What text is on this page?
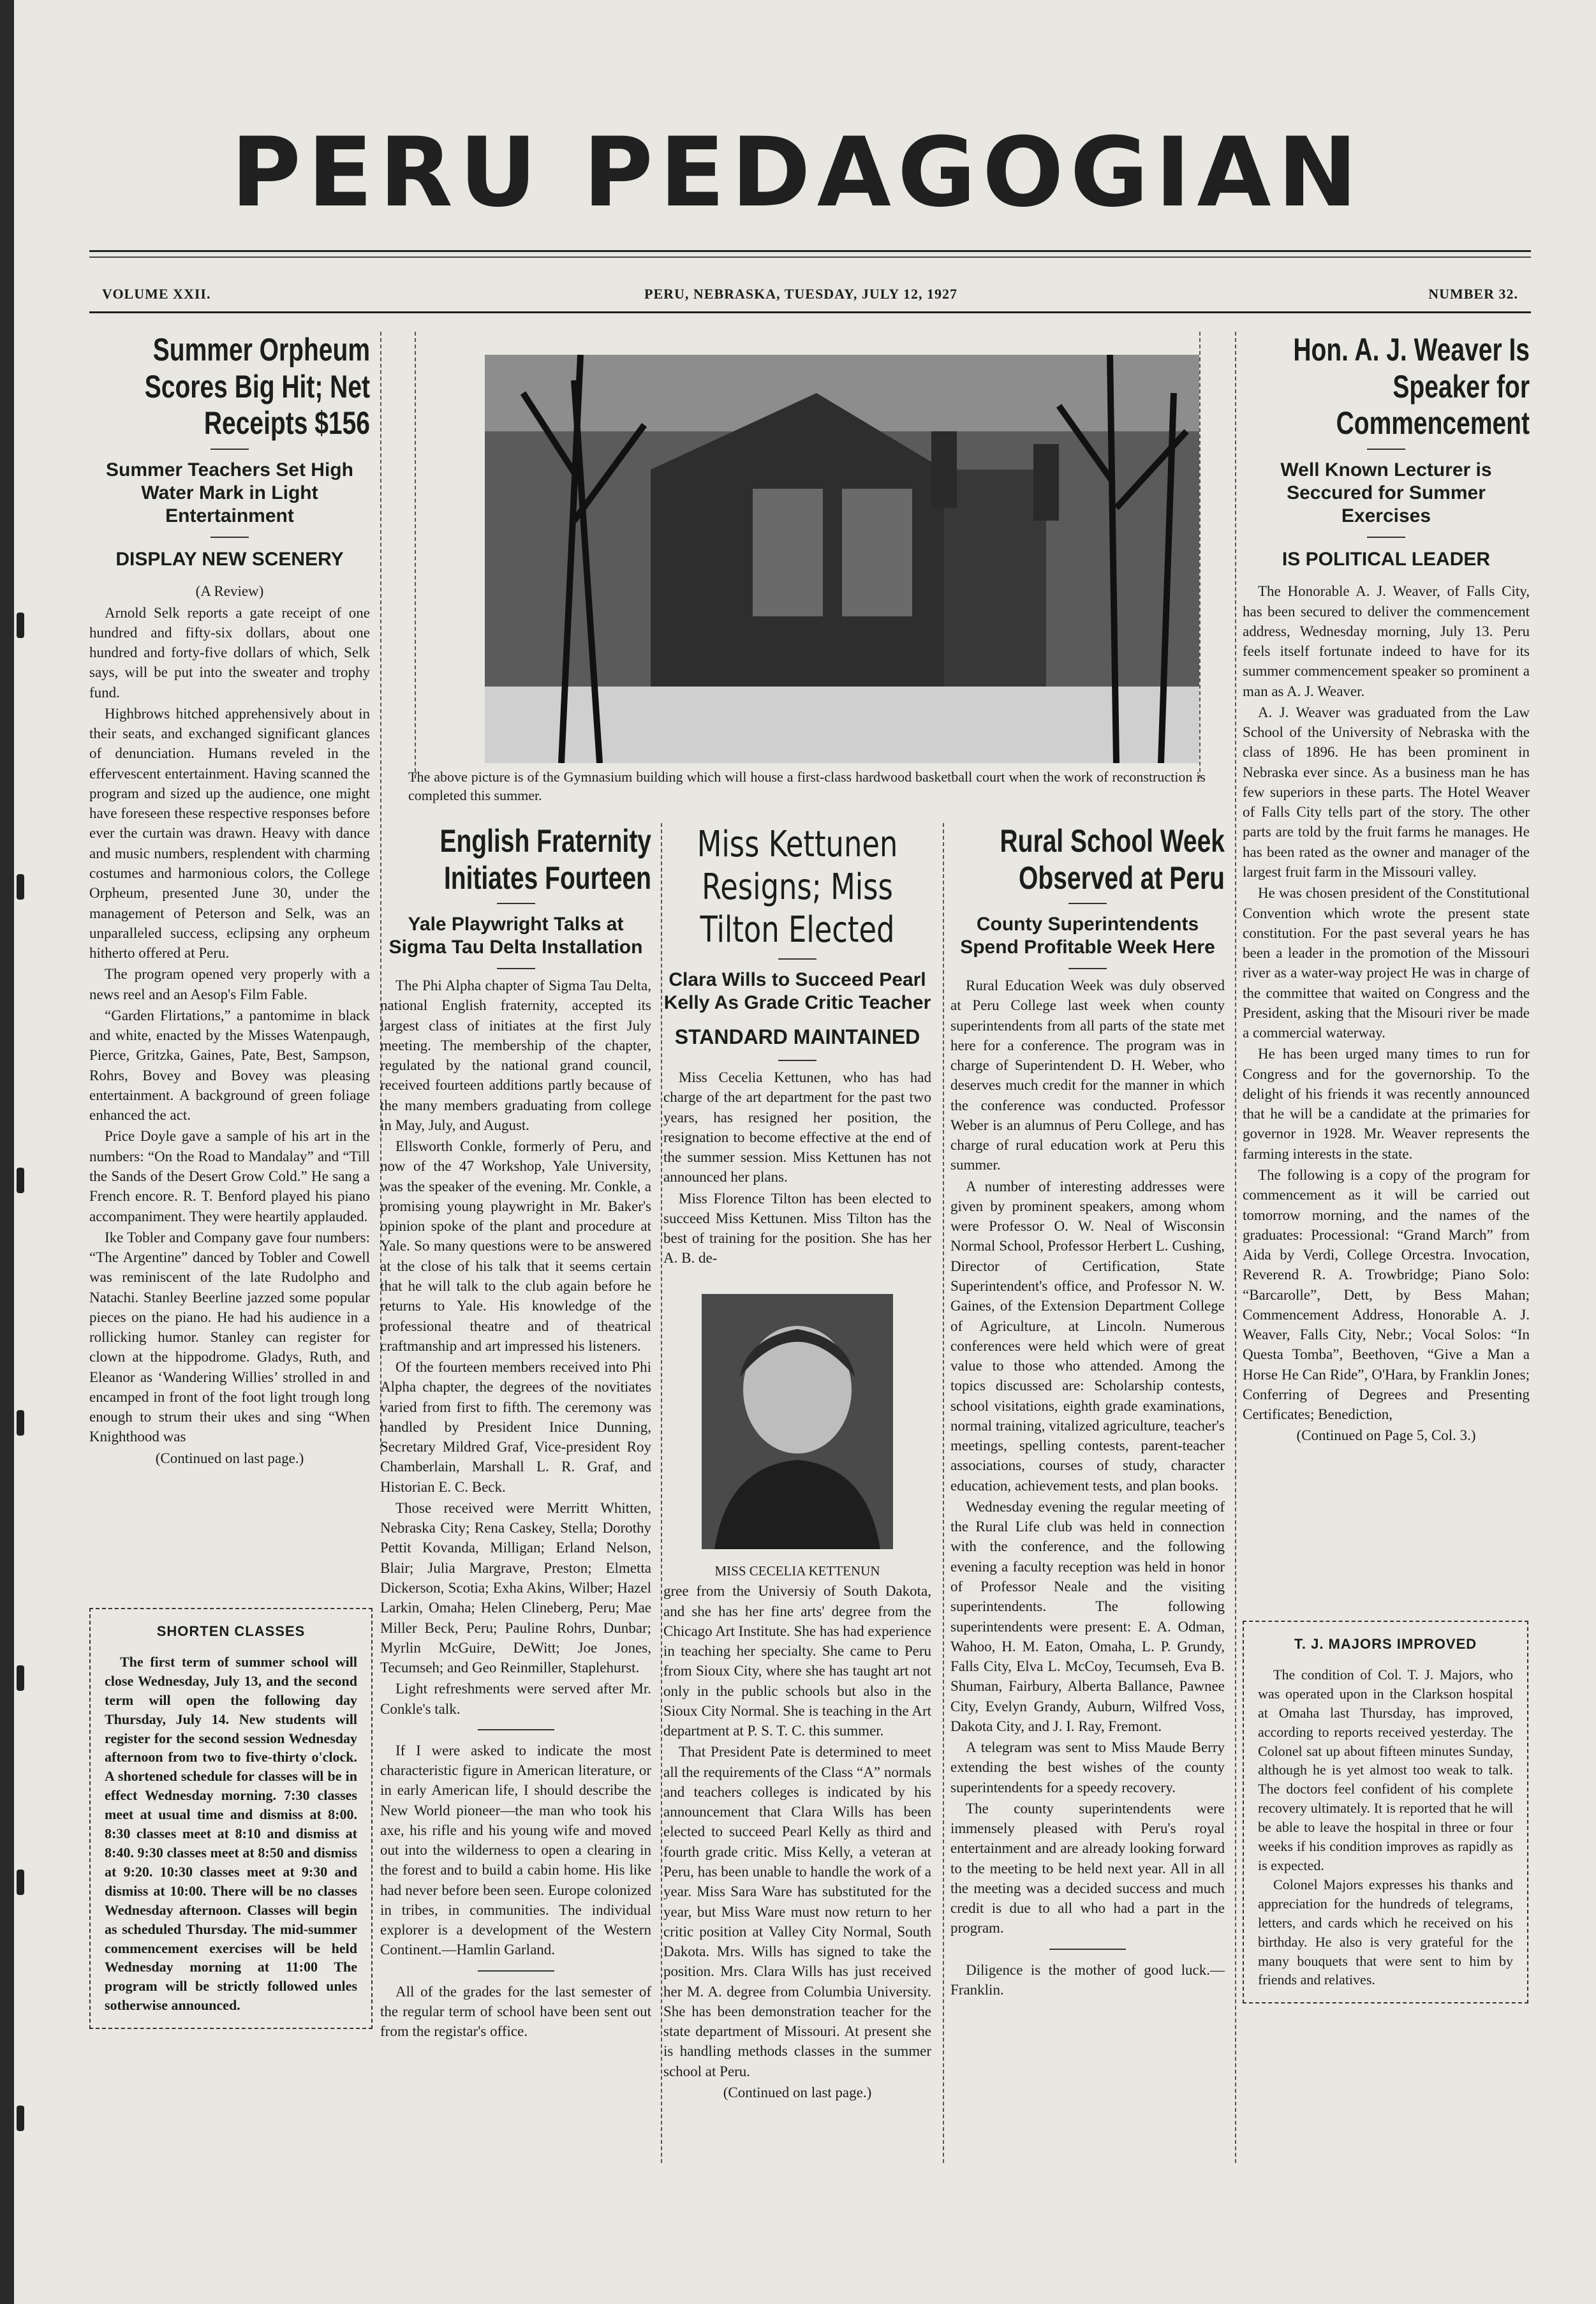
PERU PEDAGOGIAN
VOLUME XXII.	PERU, NEBRASKA, TUESDAY, JULY 12, 1927	NUMBER 32.
Summer Orpheum Scores Big Hit; Net Receipts $156
Summer Teachers Set High Water Mark in Light Entertainment
DISPLAY NEW SCENERY

(A Review)

Arnold Selk reports a gate receipt of one hundred and fifty-six dollars, about one hundred and forty-five dollars of which, Selk says, will be put into the sweater and trophy fund.

Highbrows hitched apprehensively about in their seats, and exchanged significant glances of denunciation. Humans reveled in the effervescent entertainment. Having scanned the program and sized up the audience, one might have foreseen these respective responses before ever the curtain was drawn. Heavy with dance and music numbers, resplendent with charming costumes and harmonious colors, the College Orpheum, presented June 30, under the management of Peterson and Selk, was an unparalleled success, eclipsing any orpheum hitherto offered at Peru.

The program opened very properly with a news reel and an Aesop's Film Fable.

“Garden Flirtations,” a pantomime in black and white, enacted by the Misses Watenpaugh, Pierce, Gritzka, Gaines, Pate, Best, Sampson, Rohrs, Bovey and Bovey was pleasing entertainment. A background of green foliage enhanced the act.

Price Doyle gave a sample of his art in the numbers: “On the Road to Mandalay” and “Till the Sands of the Desert Grow Cold.” He sang a French encore. R. T. Benford played his piano accompaniment. They were heartily applauded.

Ike Tobler and Company gave four numbers: “The Argentine” danced by Tobler and Cowell was reminiscent of the late Rudolpho and Natachi. Stanley Beerline jazzed some popular pieces on the piano. He had his audience in a rollicking humor. Stanley can register for clown at the hippodrome. Gladys, Ruth, and Eleanor as ‘Wandering Willies’ strolled in and encamped in front of the foot light trough long enough to strum their ukes and sing “When Knighthood was

(Continued on last page.)

SHORTEN CLASSES
The first term of summer school will close Wednesday, July 13, and the second term will open the following day Thursday, July 14. New students will register for the second session Wednesday afternoon from two to five-thirty o'clock. A shortened schedule for classes will be in effect Wednesday morning. 7:30 classes meet at usual time and dismiss at 8:00. 8:30 classes meet at 8:10 and dismiss at 8:40. 9:30 classes meet at 8:50 and dismiss at 9:20. 10:30 classes meet at 9:30 and dismiss at 10:00. There will be no classes Wednesday afternoon. Classes will begin as scheduled Thursday. The mid-summer commencement exercises will be held Wednesday morning at 11:00 The program will be strictly followed unles sotherwise announced.
The above picture is of the Gymnasium building which will house a first-class hardwood basketball court when the work of reconstruction is completed this summer.
English Fraternity Initiates Fourteen
Yale Playwright Talks at Sigma Tau Delta Installation

The Phi Alpha chapter of Sigma Tau Delta, national English fraternity, accepted its largest class of initiates at the first July meeting. The membership of the chapter, regulated by the national grand council, received fourteen additions partly because of the many members graduating from college in May, July, and August.

Ellsworth Conkle, formerly of Peru, and now of the 47 Workshop, Yale University, was the speaker of the evening. Mr. Conkle, a promising young playwright in Mr. Baker's opinion spoke of the plant and procedure at Yale. So many questions were to be answered at the close of his talk that it seems certain that he will talk to the club again before he returns to Yale. His knowledge of the professional theatre and of theatrical craftmanship and art impressed his listeners.

Of the fourteen members received into Phi Alpha chapter, the degrees of the novitiates varied from first to fifth. The ceremony was handled by President Inice Dunning, Secretary Mildred Graf, Vice-president Roy Chamberlain, Marshall L. R. Graf, and Historian E. C. Beck.

Those received were Merritt Whitten, Nebraska City; Rena Caskey, Stella; Dorothy Pettit Kovanda, Milligan; Erland Nelson, Blair; Julia Margrave, Preston; Elmetta Dickerson, Scotia; Exha Akins, Wilber; Hazel Larkin, Omaha; Helen Clineberg, Peru; Mae Miller Beck, Peru; Pauline Rohrs, Dunbar; Myrlin McGuire, DeWitt; Joe Jones, Tecumseh; and Geo Reinmiller, Staplehurst.

Light refreshments were served after Mr. Conkle's talk.

If I were asked to indicate the most characteristic figure in American literature, or in early American life, I should describe the New World pioneer—the man who took his axe, his rifle and his young wife and moved out into the wilderness to open a clearing in the forest and to build a cabin home. His like had never before been seen. Europe colonized in tribes, in communities. The individual explorer is a development of the Western Continent.—Hamlin Garland.

All of the grades for the last semester of the regular term of school have been sent out from the registar's office.

Miss Kettunen Resigns; Miss Tilton Elected
Clara Wills to Succeed Pearl Kelly As Grade Critic Teacher
STANDARD MAINTAINED

Miss Cecelia Kettunen, who has had charge of the art department for the past two years, has resigned her position, the resignation to become effective at the end of the summer session. Miss Kettunen has not announced her plans.

Miss Florence Tilton has been elected to succeed Miss Kettunen. Miss Tilton has the best of training for the position. She has her A. B. de-

MISS CECELIA KETTENUN

gree from the Universiy of South Dakota, and she has her fine arts' degree from the Chicago Art Institute. She has had experience in teaching her specialty. She came to Peru from Sioux City, where she has taught art not only in the public schools but also in the Sioux City Normal. She is teaching in the Art department at P. S. T. C. this summer.

That President Pate is determined to meet all the requirements of the Class “A” normals and teachers colleges is indicated by his announcement that Clara Wills has been elected to succeed Pearl Kelly as third and fourth grade critic. Miss Kelly, a veteran at Peru, has been unable to handle the work of a year. Miss Sara Ware has substituted for the year, but Miss Ware must now return to her critic position at Valley City Normal, South Dakota. Mrs. Wills has signed to take the position. Mrs. Clara Wills has just received her M. A. degree from Columbia University. She has been demonstration teacher for the state department of Missouri. At present she is handling methods classes in the summer school at Peru.

(Continued on last page.)

Rural School Week Observed at Peru
County Superintendents Spend Profitable Week Here

Rural Education Week was duly observed at Peru College last week when county superintendents from all parts of the state met here for a conference. The program was in charge of Superintendent D. H. Weber, who deserves much credit for the manner in which the conference was conducted. Professor Weber is an alumnus of Peru College, and has charge of rural education work at Peru this summer.

A number of interesting addresses were given by prominent speakers, among whom were Professor O. W. Neal of Wisconsin Normal School, Professor Herbert L. Cushing, Director of Certification, State Superintendent's office, and Professor N. W. Gaines, of the Extension Department College of Agriculture, at Lincoln. Numerous conferences were held which were of great value to those who attended. Among the topics discussed are: Scholarship contests, school visitations, eighth grade examinations, normal training, vitalized agriculture, teacher's meetings, spelling contests, parent-teacher associations, courses of study, character education, achievement tests, and plan books.

Wednesday evening the regular meeting of the Rural Life club was held in connection with the conference, and the following evening a faculty reception was held in honor of Professor Neale and the visiting superintendents. The following superintendents were present: E. A. Odman, Wahoo, H. M. Eaton, Omaha, L. P. Grundy, Falls City, Elva L. McCoy, Tecumseh, Eva B. Shuman, Fairbury, Alberta Ballance, Pawnee City, Evelyn Grandy, Auburn, Wilfred Voss, Dakota City, and J. I. Ray, Fremont.

A telegram was sent to Miss Maude Berry extending the best wishes of the county superintendents for a speedy recovery.

The county superintendents were immensely pleased with Peru's royal entertainment and are already looking forward to the meeting to be held next year. All in all the meeting was a decided success and much credit is due to all who had a part in the program.

Diligence is the mother of good luck.—Franklin.

Hon. A. J. Weaver Is Speaker for Commencement
Well Known Lecturer is Seccured for Summer Exercises
IS POLITICAL LEADER

The Honorable A. J. Weaver, of Falls City, has been secured to deliver the commencement address, Wednesday morning, July 13. Peru feels itself fortunate indeed to have for its summer commencement speaker so prominent a man as A. J. Weaver.

A. J. Weaver was graduated from the Law School of the University of Nebraska with the class of 1896. He has been prominent in Nebraska ever since. As a business man he has few superiors in these parts. The Hotel Weaver of Falls City tells part of the story. The other parts are told by the fruit farms he manages. He has been rated as the owner and manager of the largest fruit farm in the Missouri valley.

He was chosen president of the Constitutional Convention which wrote the present state constitution. For the past several years he has been a leader in the promotion of the Missouri river as a water-way project He was in charge of the committee that waited on Congress and the President, asking that the Misouri river be made a commercial waterway.

He has been urged many times to run for Congress and for the governorship. To the delight of his friends it was recently announced that he will be a candidate at the primaries for governor in 1928. Mr. Weaver represents the farming interests in the state.

The following is a copy of the program for commencement as it will be carried out tomorrow morning, and the names of the graduates: Processional: “Grand March” from Aida by Verdi, College Orcestra. Invocation, Reverend R. A. Trowbridge; Piano Solo: “Barcarolle”, Dett, by Bess Mahan; Commencement Address, Honorable A. J. Weaver, Falls City, Nebr.; Vocal Solos: “In Questa Tomba”, Beethoven, “Give a Man a Horse He Can Ride”, O'Hara, by Franklin Jones; Conferring of Degrees and Presenting Certificates; Benediction,

(Continued on Page 5, Col. 3.)

T. J. MAJORS IMPROVED

The condition of Col. T. J. Majors, who was operated upon in the Clarkson hospital at Omaha last Thursday, has improved, according to reports received yesterday. The Colonel sat up about fifteen minutes Sunday, although he is yet almost too weak to talk. The doctors feel confident of his complete recovery ultimately. It is reported that he will be able to leave the hospital in three or four weeks if his condition improves as rapidly as is expected.

Colonel Majors expresses his thanks and appreciation for the hundreds of telegrams, letters, and cards which he received on his birthday. He also is very grateful for the many bouquets that were sent to him by friends and relatives.
